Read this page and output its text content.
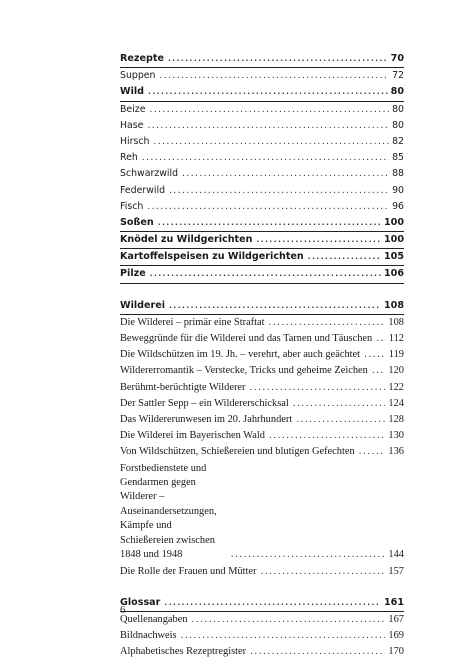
Rezepte .....	70
Suppen .....	72
Wild .....	80
Beize .....	80
Hase .....	80
Hirsch .....	82
Reh .....	85
Schwarzwild .....	88
Federwild .....	90
Fisch .....	96
Soßen .....	100
Knödel zu Wildgerichten .....	100
Kartoffelspeisen zu Wildgerichten .....	105
Pilze .....	106
Wilderei .....	108
Die Wilderei – primär eine Straftat .....	108
Beweggründe für die Wilderei und das Tarnen und Täuschen ..... 112
Die Wildschützen im 19. Jh. – verehrt, aber auch geächtet .....	119
Wildererromantik – Verstecke, Tricks und geheime Zeichen ..... 120
Berühmt-berüchtigte Wilderer .....	122
Der Sattler Sepp – ein Wildererschicksal .....	124
Das Wildererunwesen im 20. Jahrhundert .....	128
Die Wilderei im Bayerischen Wald .....	130
Von Wildschützen, Schießereien und blutigen Gefechten .....	136
Forstbedienstete und Gendarmen gegen Wilderer – Auseinandersetzungen, Kämpfe und Schießereien zwischen 1848 und 1948 .....	144
Die Rolle der Frauen und Mütter .....	157
Glossar .....	161
Quellenangaben .....	167
Bildnachweis .....	169
Alphabetisches Rezeptregister .....	170
6
